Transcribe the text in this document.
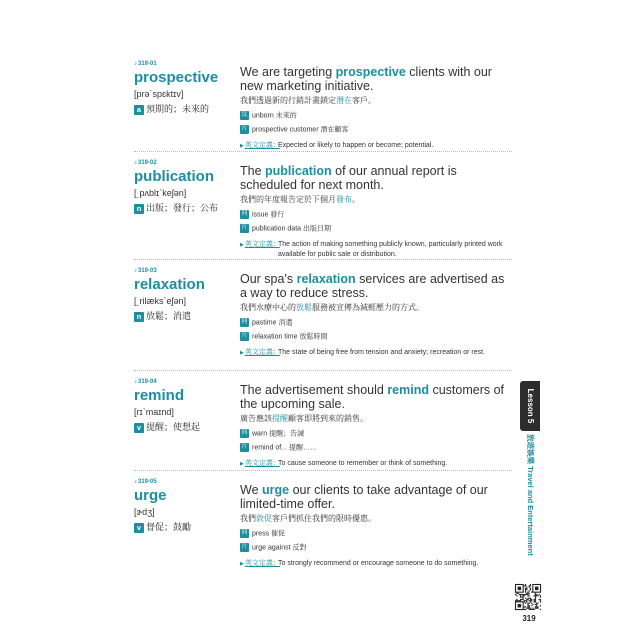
♪319-01
prospective
[prəˋspɛktɪv]
a 預期的；未來的
We are targeting prospective clients with our new marketing initiative.
我們透過新的行銷計畫鎖定潛在客戶。
反 unborn 未來的
片 prospective customer 潛在顧客
▶英文定義：
Expected or likely to happen or become; potential.
♪319-02
publication
[͵pʌblɪˋkeʃən]
n 出版；發行；公布
The publication of our annual report is scheduled for next month.
我們的年度報告定於下個月發布。
同 issue 發行
片 publication data 出版日期
▶英文定義：
The action of making something publicly known, particularly printed work available for public sale or distribution.
♪319-03
relaxation
[͵rilæksˋeʃən]
n 放鬆；消遣
Our spa's relaxation services are advertised as a way to reduce stress.
我們水療中心的放鬆服務被宣傳為減輕壓力的方式。
同 pastime 消遣
片 relaxation time 放鬆時間
▶英文定義：
The state of being free from tension and anxiety; recreation or rest.
♪319-04
remind
[rɪˋmaɪnd]
v 提醒；使想起
The advertisement should remind customers of the upcoming sale.
廣告應該提醒顧客即將到來的銷售。
同 warn 提醒；告誡
片 remind of... 提醒……
▶英文定義：
To cause someone to remember or think of something.
♪319-05
urge
[ɝdʒ]
v 督促；鼓勵
We urge our clients to take advantage of our limited-time offer.
我們敦促客戶們抓住我們的限時優惠。
同 press 催促
片 urge against 反對
▶英文定義：
To strongly recommend or encourage someone to do something.
Lesson 5
旅遊娛樂 Travel and Entertainment
319
